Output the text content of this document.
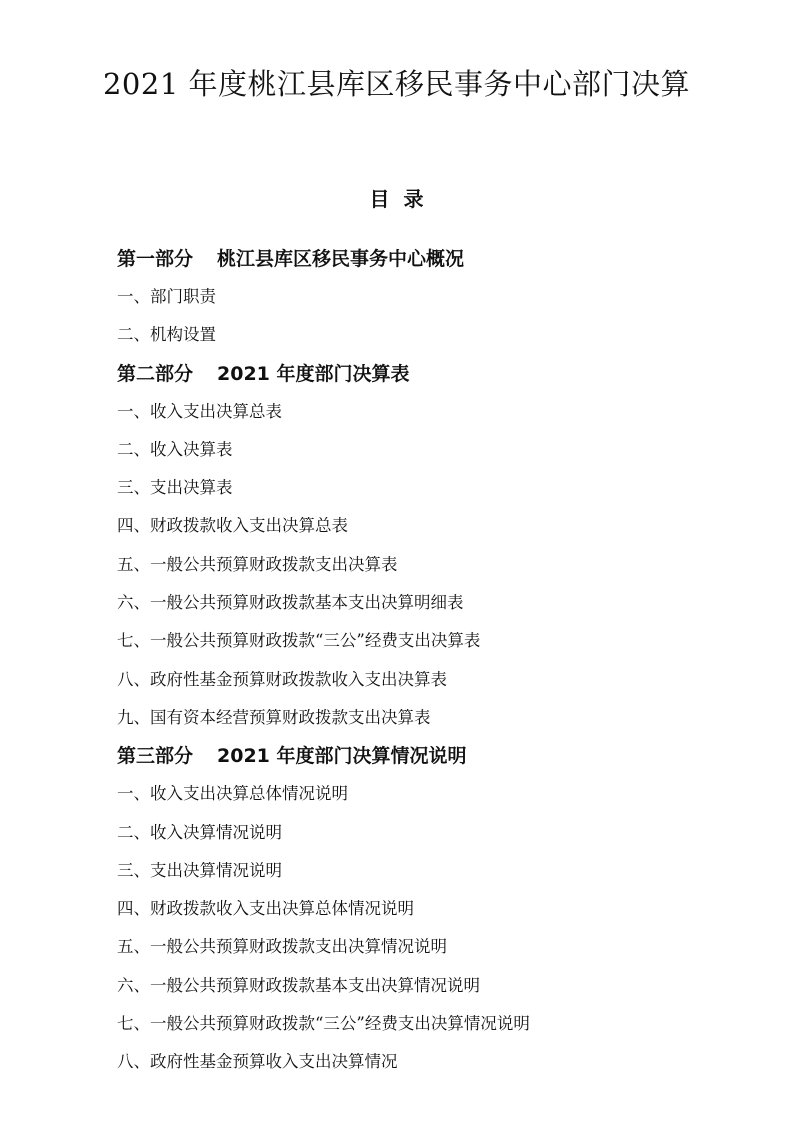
2021 年度桃江县库区移民事务中心部门决算
目录
第一部分 桃江县库区移民事务中心概况
一、部门职责
二、机构设置
第二部分 2021 年度部门决算表
一、收入支出决算总表
二、收入决算表
三、支出决算表
四、财政拨款收入支出决算总表
五、一般公共预算财政拨款支出决算表
六、一般公共预算财政拨款基本支出决算明细表
七、一般公共预算财政拨款“三公”经费支出决算表
八、政府性基金预算财政拨款收入支出决算表
九、国有资本经营预算财政拨款支出决算表
第三部分 2021 年度部门决算情况说明
一、收入支出决算总体情况说明
二、收入决算情况说明
三、支出决算情况说明
四、财政拨款收入支出决算总体情况说明
五、一般公共预算财政拨款支出决算情况说明
六、一般公共预算财政拨款基本支出决算情况说明
七、一般公共预算财政拨款“三公”经费支出决算情况说明
八、政府性基金预算收入支出决算情况
